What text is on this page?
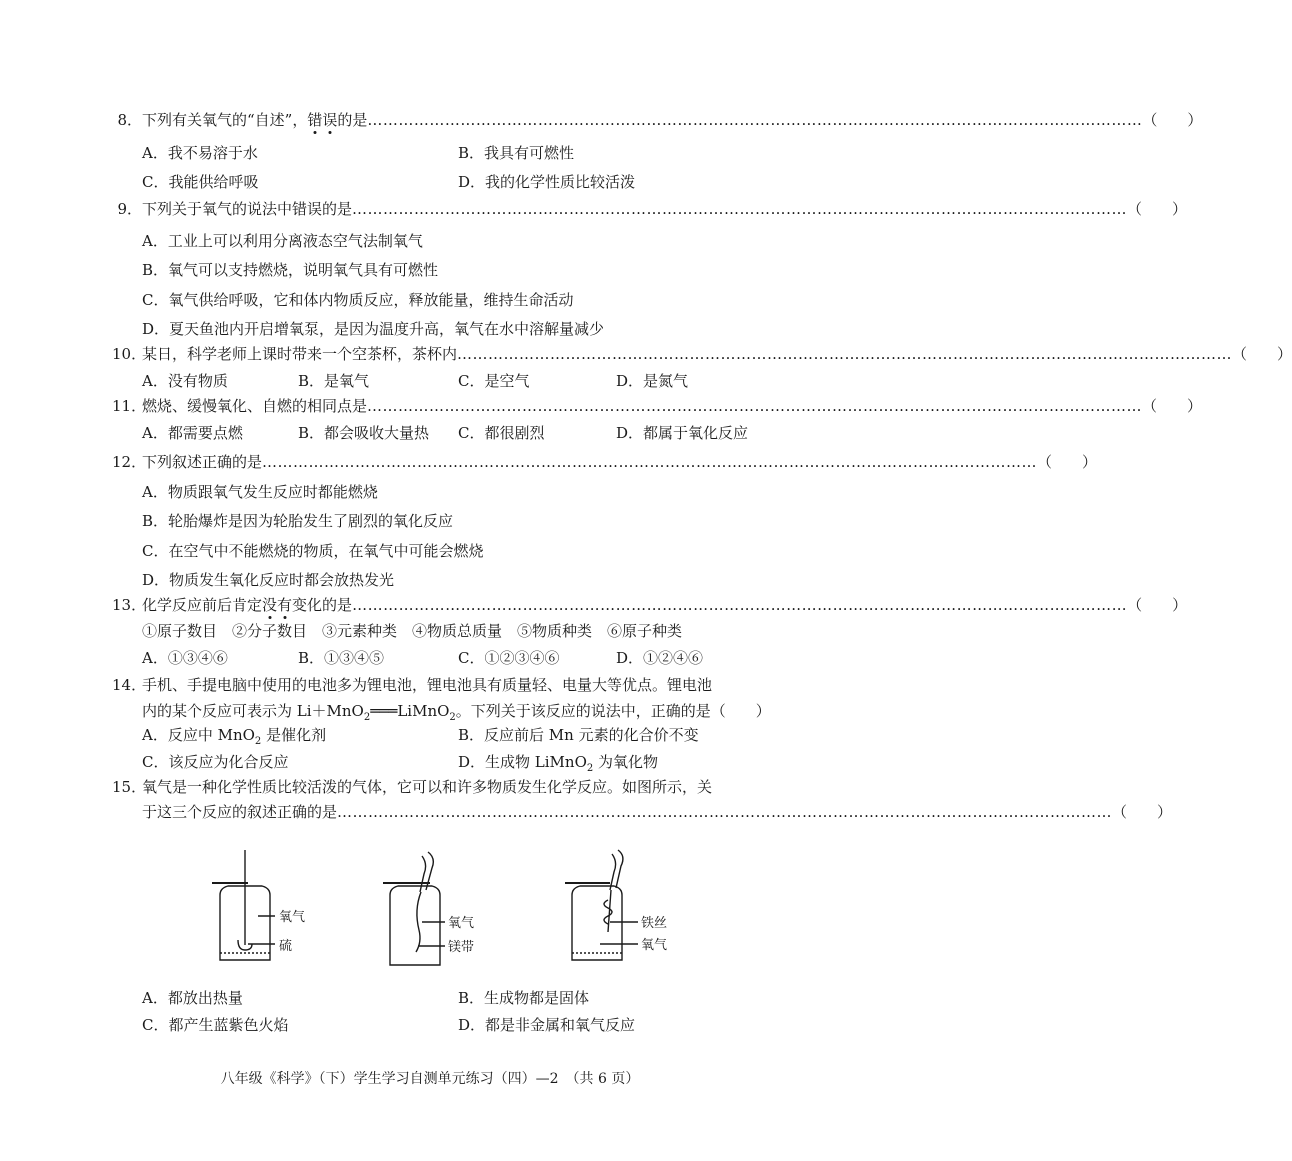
8． 下列有关氧气的“自述”，错误的是 …………………………………………………………………………………………………………………………………… （　　）
A．我不易溶于水	B．我具有可燃性
C．我能供给呼吸	D．我的化学性质比较活泼
9． 下列关于氧气的说法中错误的是 …………………………………………………………………………………………………………………………………… （　　）
A．工业上可以利用分离液态空气法制氧气
B．氧气可以支持燃烧，说明氧气具有可燃性
C．氧气供给呼吸，它和体内物质反应，释放能量，维持生命活动
D．夏天鱼池内开启增氧泵，是因为温度升高，氧气在水中溶解量减少
10．
某日，科学老师上课时带来一个空茶杯，茶杯内 …………………………………………………………………………………………………………………………………… （　　）
A．没有物质	B．是氧气	C．是空气	D．是氮气
11．
燃烧、缓慢氧化、自燃的相同点是 …………………………………………………………………………………………………………………………………… （　　）
A．都需要点燃	B．都会吸收大量热 C．都很剧烈	D．都属于氧化反应
12．
下列叙述正确的是 …………………………………………………………………………………………………………………………………… （　　）
A．物质跟氧气发生反应时都能燃烧
B．轮胎爆炸是因为轮胎发生了剧烈的氧化反应
C．在空气中不能燃烧的物质，在氧气中可能会燃烧
D．物质发生氧化反应时都会放热发光
13．
化学反应前后肯定没有变化的是 …………………………………………………………………………………………………………………………………… （　　）
①原子数目　②分子数目　③元素种类　④物质总质量　⑤物质种类　⑥原子种类
A．①③④⑥	B．①③④⑤	C．①②③④⑥	D．①②④⑥
14．手机、手提电脑中使用的电池多为锂电池，锂电池具有质量轻、电量大等优点。锂电池
内的某个反应可表示为 Li＋MnO$_2$═══LiMnO$_2$。下列关于该反应的说法中，正确的是（　　）
A．反应中 MnO$_2$ 是催化剂	B．反应前后 Mn 元素的化合价不变
C．该反应为化合反应	D．生成物 LiMnO$_2$ 为氧化物
15．氧气是一种化学性质比较活泼的气体，它可以和许多物质发生化学反应。如图所示，关
于这三个反应的叙述正确的是 …………………………………………………………………………………………………………………………………… （　　）
氧气
硫
氧气
镁带
铁丝
氧气
A．都放出热量	B．生成物都是固体
C．都产生蓝紫色火焰	D．都是非金属和氧气反应
八年级《科学》（下）学生学习自测单元练习（四）—2　（共 6 页）
